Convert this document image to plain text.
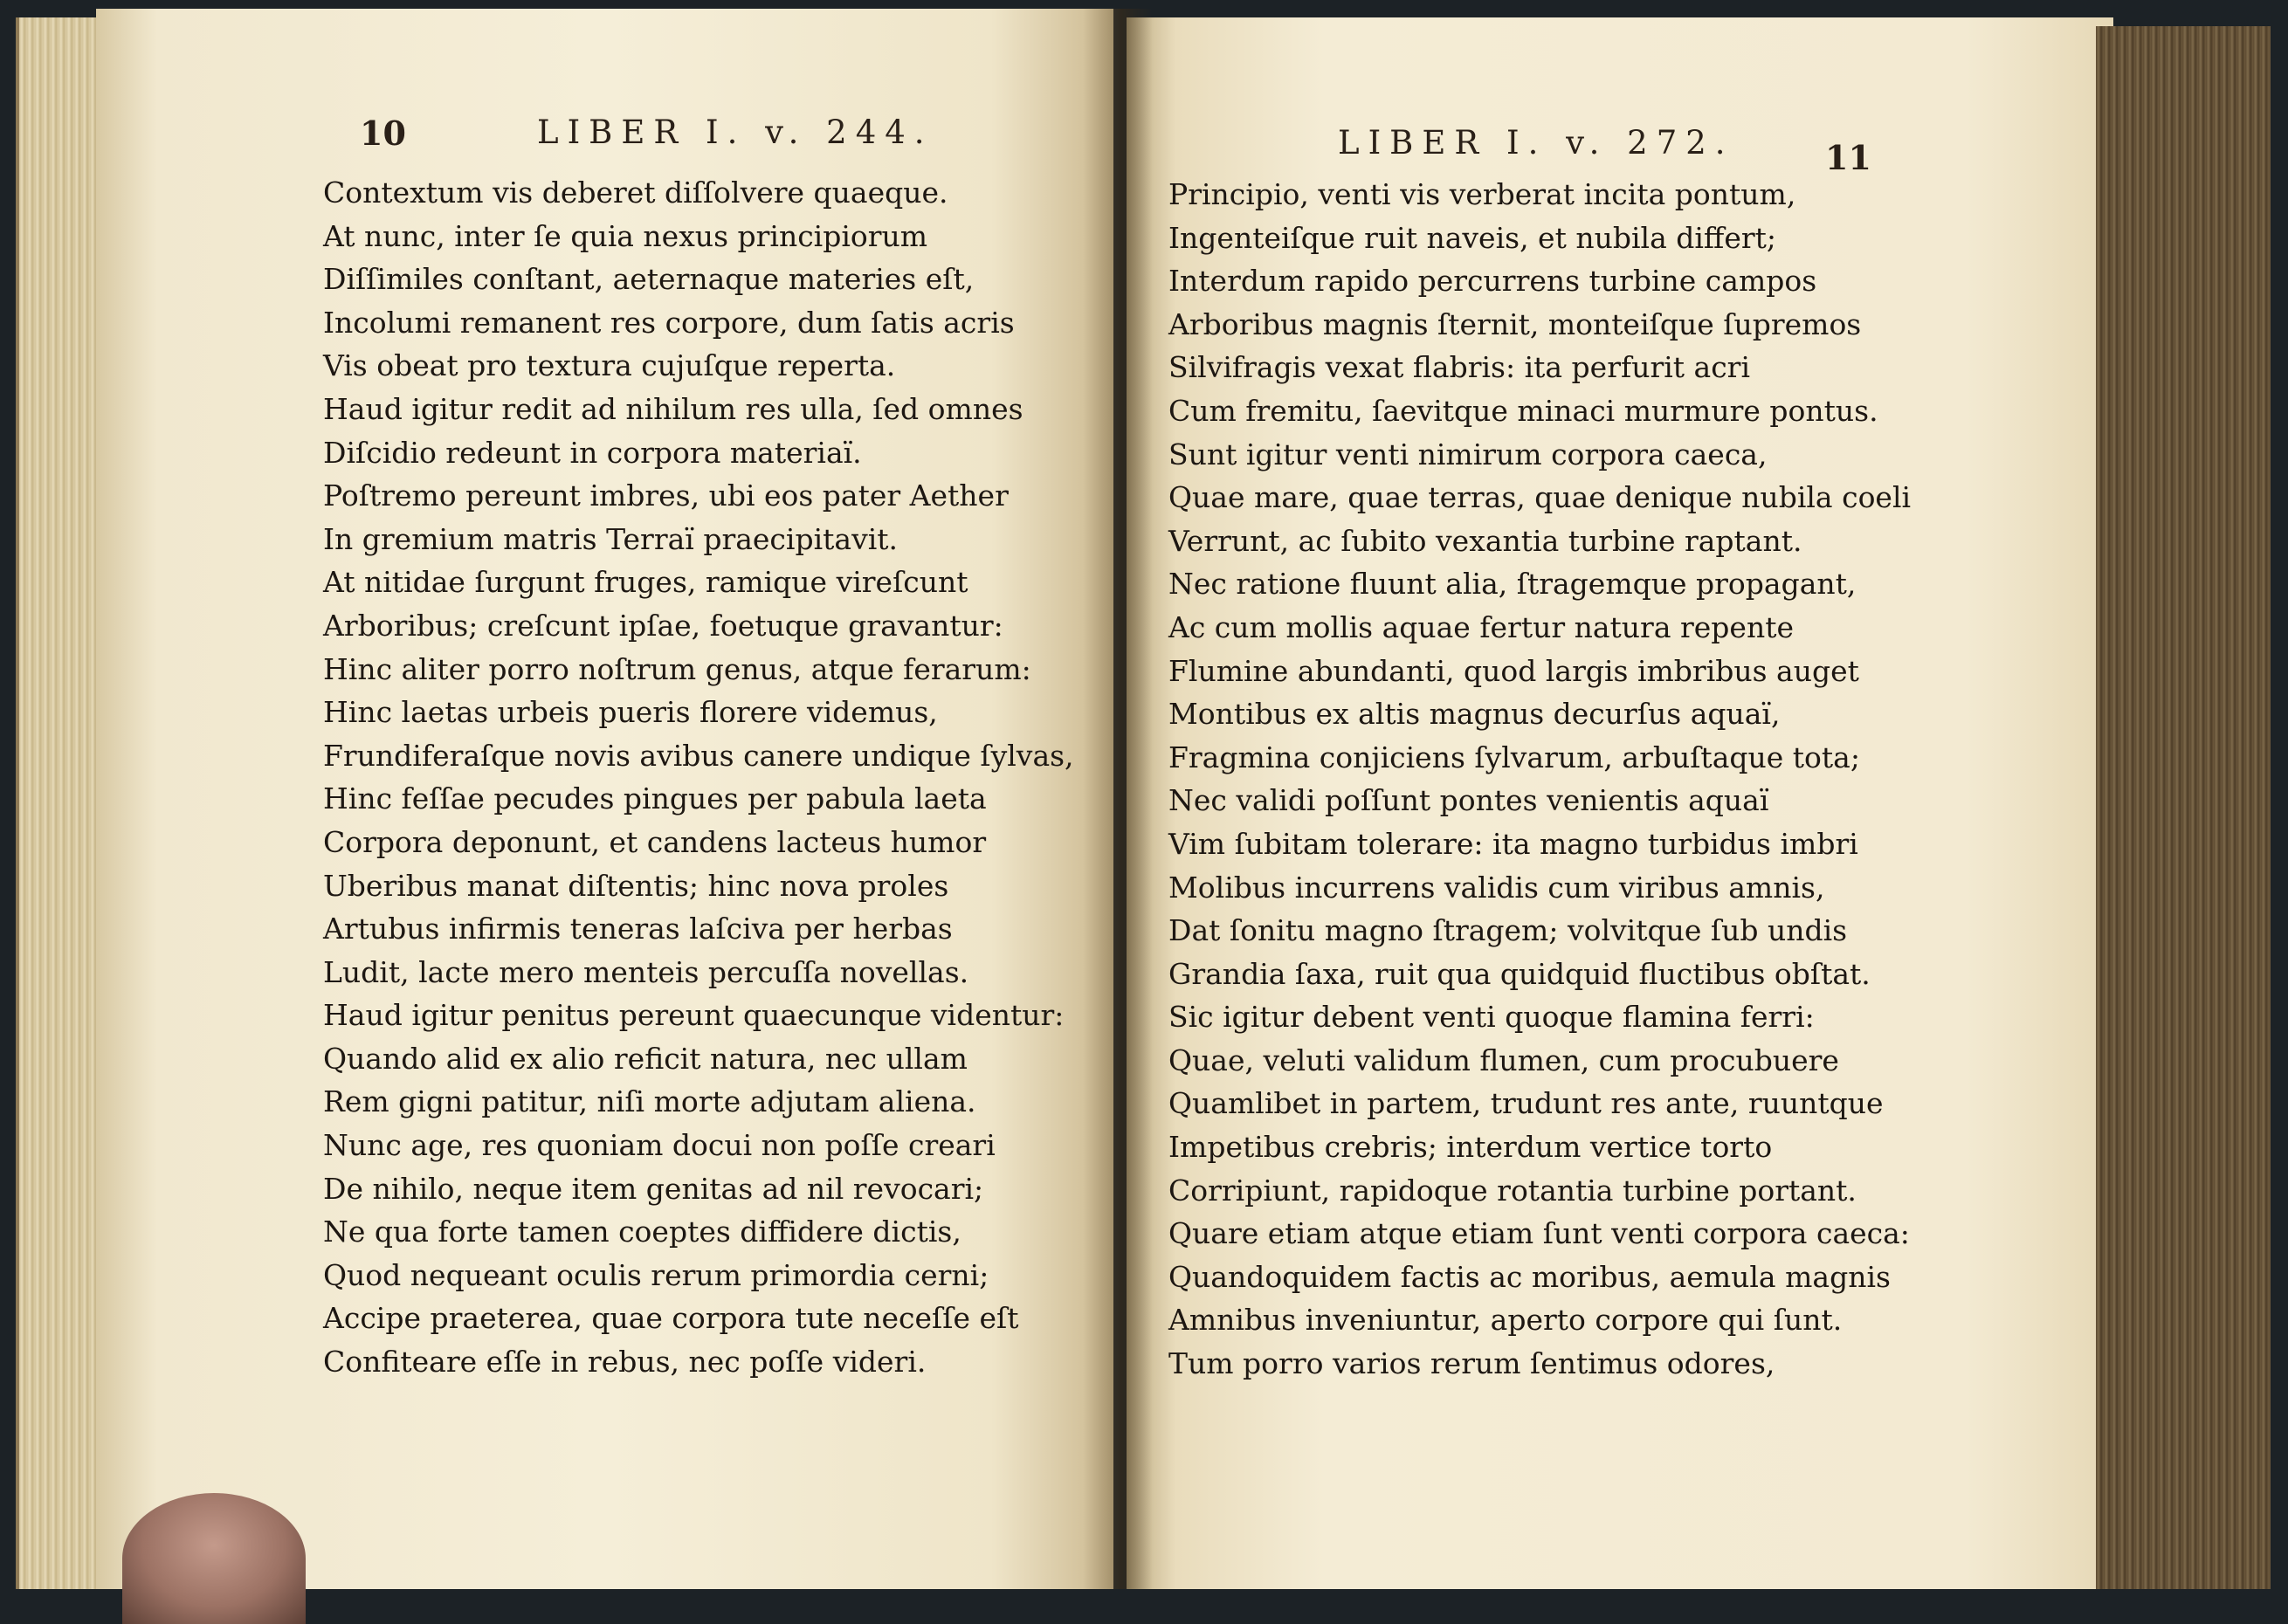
10	LIBER I. v. 244.	LIBER I. v. 272.	11
Contextum vis deberet diſſolvere quaeque.
At nunc, inter ſe quia nexus principiorum
Diſſimiles conſtant, aeternaque materies eſt,
Incolumi remanent res corpore, dum ſatis acris
Vis obeat pro textura cujuſque reperta.
Haud igitur redit ad nihilum res ulla, ſed omnes
Diſcidio redeunt in corpora materiaï.
Poſtremo pereunt imbres, ubi eos pater Aether
In gremium matris Terraï praecipitavit.
At nitidae ſurgunt fruges, ramique vireſcunt
Arboribus; creſcunt ipſae, foetuque gravantur:
Hinc aliter porro noſtrum genus, atque ferarum:
Hinc laetas urbeis pueris florere videmus,
Frundiferaſque novis avibus canere undique ſylvas,
Hinc feſſae pecudes pingues per pabula laeta
Corpora deponunt, et candens lacteus humor
Uberibus manat diſtentis; hinc nova proles
Artubus infirmis teneras laſciva per herbas
Ludit, lacte mero menteis percuſſa novellas.
Haud igitur penitus pereunt quaecunque videntur:
Quando alid ex alio reficit natura, nec ullam
Rem gigni patitur, niſi morte adjutam aliena.
Nunc age, res quoniam docui non poſſe creari
De nihilo, neque item genitas ad nil revocari;
Ne qua forte tamen coeptes diffidere dictis,
Quod nequeant oculis rerum primordia cerni;
Accipe praeterea, quae corpora tute neceſſe eſt
Confiteare eſſe in rebus, nec poſſe videri.
Principio, venti vis verberat incita pontum,
Ingenteiſque ruit naveis, et nubila differt;
Interdum rapido percurrens turbine campos
Arboribus magnis ſternit, monteiſque ſupremos
Silvifragis vexat flabris: ita perfurit acri
Cum fremitu, ſaevitque minaci murmure pontus.
Sunt igitur venti nimirum corpora caeca,
Quae mare, quae terras, quae denique nubila coeli
Verrunt, ac ſubito vexantia turbine raptant.
Nec ratione fluunt alia, ſtragemque propagant,
Ac cum mollis aquae fertur natura repente
Flumine abundanti, quod largis imbribus auget
Montibus ex altis magnus decurſus aquaï,
Fragmina conjiciens ſylvarum, arbuſtaque tota;
Nec validi poſſunt pontes venientis aquaï
Vim ſubitam tolerare: ita magno turbidus imbri
Molibus incurrens validis cum viribus amnis,
Dat ſonitu magno ſtragem; volvitque ſub undis
Grandia ſaxa, ruit qua quidquid fluctibus obſtat.
Sic igitur debent venti quoque flamina ferri:
Quae, veluti validum flumen, cum procubuere
Quamlibet in partem, trudunt res ante, ruuntque
Impetibus crebris; interdum vertice torto
Corripiunt, rapidoque rotantia turbine portant.
Quare etiam atque etiam ſunt venti corpora caeca:
Quandoquidem factis ac moribus, aemula magnis
Amnibus inveniuntur, aperto corpore qui ſunt.
Tum porro varios rerum ſentimus odores,
